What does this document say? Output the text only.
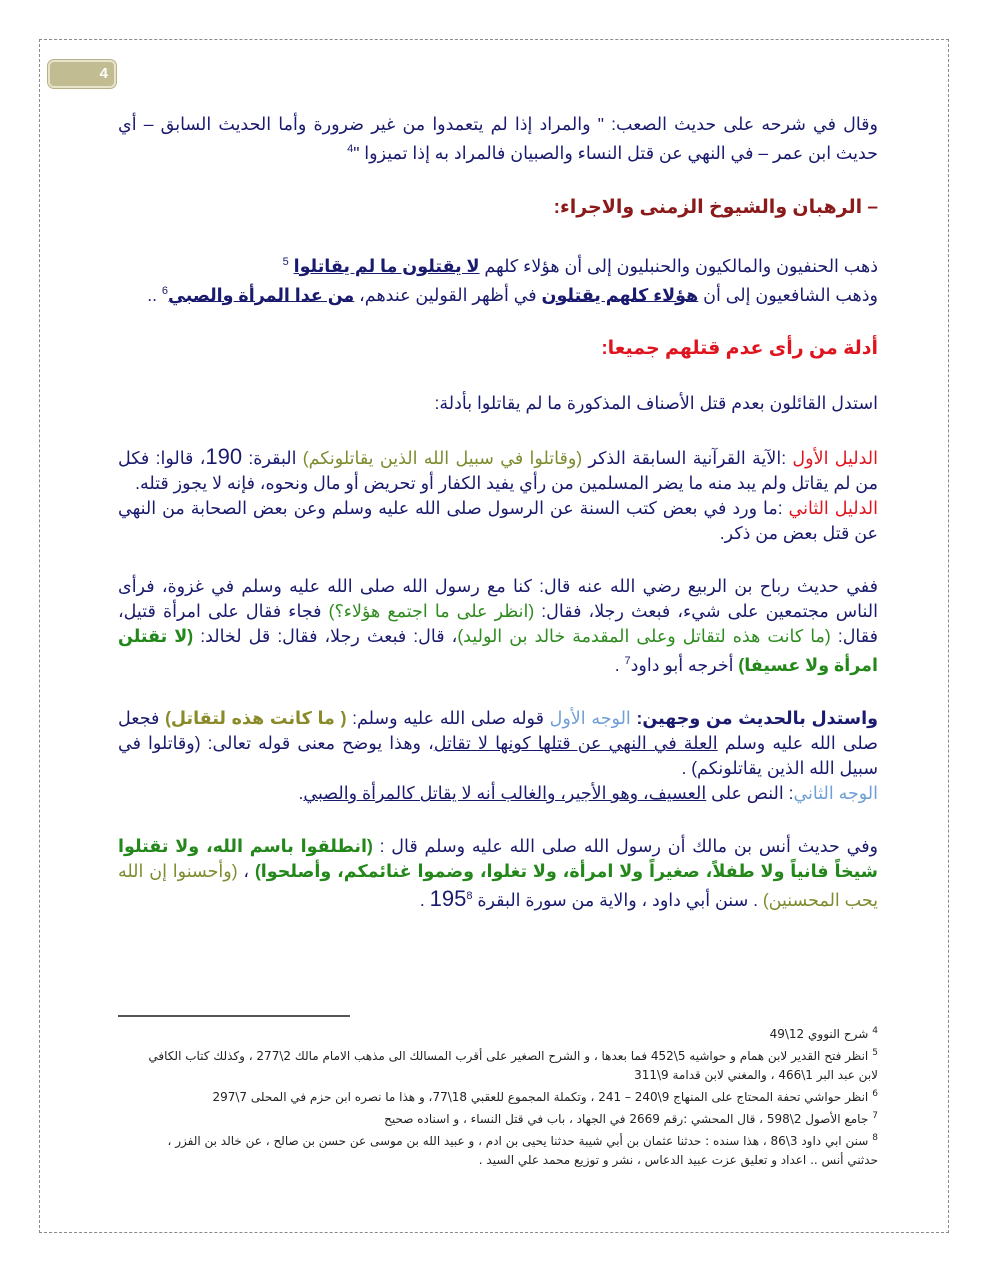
4

وقال في شرحه على حديث الصعب: " والمراد إذا لم يتعمدوا من غير ضرورة وأما الحديث السابق – أي حديث ابن عمر – في النهي عن قتل النساء والصبيان فالمراد به إذا تميزوا "$^4$

– الرهبان والشيوخ الزمنى والاجراء:

ذهب الحنفيون والمالكيون والحنبليون إلى أن هؤلاء كلهم لا يقتلون ما لم يقاتلوا $^5$

وذهب الشافعيون إلى أن هؤلاء كلهم يقتلون في أظهر القولين عندهم، من عدا المرأة والصبي$^6$ ..

أدلة من رأى عدم قتلهم جميعا:

استدل القائلون بعدم قتل الأصناف المذكورة ما لم يقاتلوا بأدلة:

الدليل الأول :الآية القرآنية السابقة الذكر (وقاتلوا في سبيل الله الذين يقاتلونكم) البقرة: 190، قالوا: فكل من لم يقاتل ولم يبد منه ما يضر المسلمين من رأي يفيد الكفار أو تحريض أو مال ونحوه، فإنه لا يجوز قتله.

الدليل الثاني :ما ورد في بعض كتب السنة عن الرسول صلى الله عليه وسلم وعن بعض الصحابة من النهي عن قتل بعض من ذكر.

ففي حديث رباح بن الربيع رضي الله عنه قال: كنا مع رسول الله صلى الله عليه وسلم في غزوة، فرأى الناس مجتمعين على شيء، فبعث رجلا، فقال: (انظر على ما اجتمع هؤلاء؟) فجاء فقال على امرأة قتيل، فقال: (ما كانت هذه لتقاتل وعلى المقدمة خالد بن الوليد)، قال: فبعث رجلا، فقال: قل لخالد: (لا تقتلن امرأة ولا عسيفا) أخرجه أبو داود$^7$ .

واستدل بالحديث من وجهين: الوجه الأول قوله صلى الله عليه وسلم: ( ما كانت هذه لتقاتل) فجعل صلى الله عليه وسلم العلة في النهي عن قتلها كونها لا تقاتل، وهذا يوضح معنى قوله تعالى: (وقاتلوا في سبيل الله الذين يقاتلونكم) .

الوجه الثاني: النص على العسيف، وهو الأجير، والغالب أنه لا يقاتل كالمرأة والصبي.

وفي حديث أنس بن مالك أن رسول الله صلى الله عليه وسلم قال : (انطلقوا باسم الله، ولا تقتلوا شيخاً فانياً ولا طفلاً، صغيراً ولا امرأة، ولا تغلوا، وضموا غنائمكم، وأصلحوا) ، (وأحسنوا إن الله يحب المحسنين) . سنن أبي داود ، والاية من سورة البقرة $195^8$ .

$^4$شرح النووي 12\49

$^5$انظر فتح القدير لابن همام و حواشيه 5\452 فما بعدها ، و الشرح الصغير على أقرب المسالك الى مذهب الامام مالك 2\277 ، وكذلك كتاب الكافي

لابن عبد البر 1\466 ، والمغني لابن قدامة 9\311

$^6$انظر حواشي تحفة المحتاج على المنهاج 9\240 – 241 ، وتكملة المجموع للعقبي 18\77، و هذا ما نصره ابن حزم في المحلى 7\297

$^7$جامع الأصول 2\598 ، قال المحشي :رقم 2669 في الجهاد ، باب في قتل النساء ، و اسناده صحيح

$^8$سنن ابي داود 3\86 ، هذا سنده : حدثنا عثمان بن أبي شيبة حدثنا يحيى بن ادم ، و عبيد الله بن موسى عن حسن بن صالح ، عن خالد بن الفزر ،

حدثني أنس .. اعداد و تعليق عزت عبيد الدعاس ، نشر و توزيع محمد علي السيد .
